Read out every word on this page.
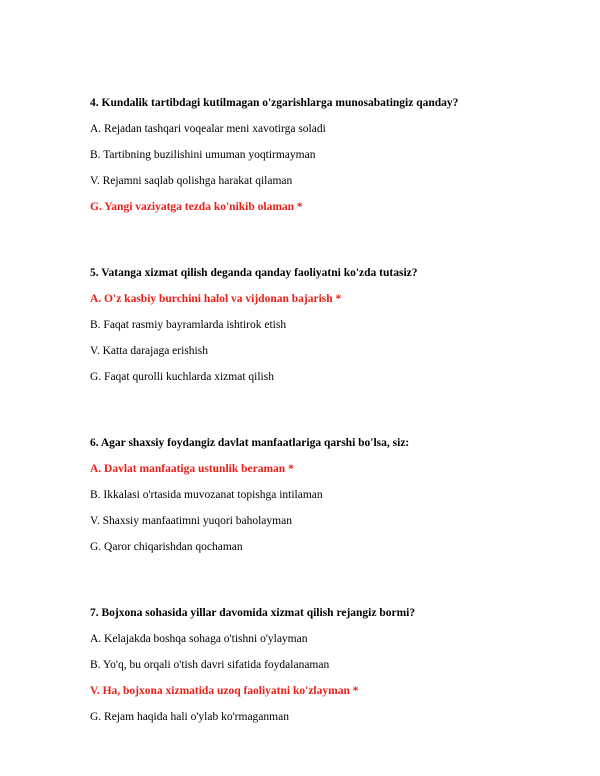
4. Kundalik tartibdagi kutilmagan o'zgarishlarga munosabatingiz qanday?
A. Rejadan tashqari voqealar meni xavotirga soladi
B. Tartibning buzilishini umuman yoqtirmayman
V. Rejamni saqlab qolishga harakat qilaman
G. Yangi vaziyatga tezda ko'nikib olaman *
5. Vatanga xizmat qilish deganda qanday faoliyatni ko'zda tutasiz?
A. O'z kasbiy burchini halol va vijdonan bajarish *
B. Faqat rasmiy bayramlarda ishtirok etish
V. Katta darajaga erishish
G. Faqat qurolli kuchlarda xizmat qilish
6. Agar shaxsiy foydangiz davlat manfaatlariga qarshi bo'lsa, siz:
A. Davlat manfaatiga ustunlik beraman *
B. Ikkalasi o'rtasida muvozanat topishga intilaman
V. Shaxsiy manfaatimni yuqori baholayman
G. Qaror chiqarishdan qochaman
7. Bojxona sohasida yillar davomida xizmat qilish rejangiz bormi?
A. Kelajakda boshqa sohaga o'tishni o'ylayman
B. Yo'q, bu orqali o'tish davri sifatida foydalanaman
V. Ha, bojxona xizmatida uzoq faoliyatni ko'zlayman *
G. Rejam haqida hali o'ylab ko'rmaganman
